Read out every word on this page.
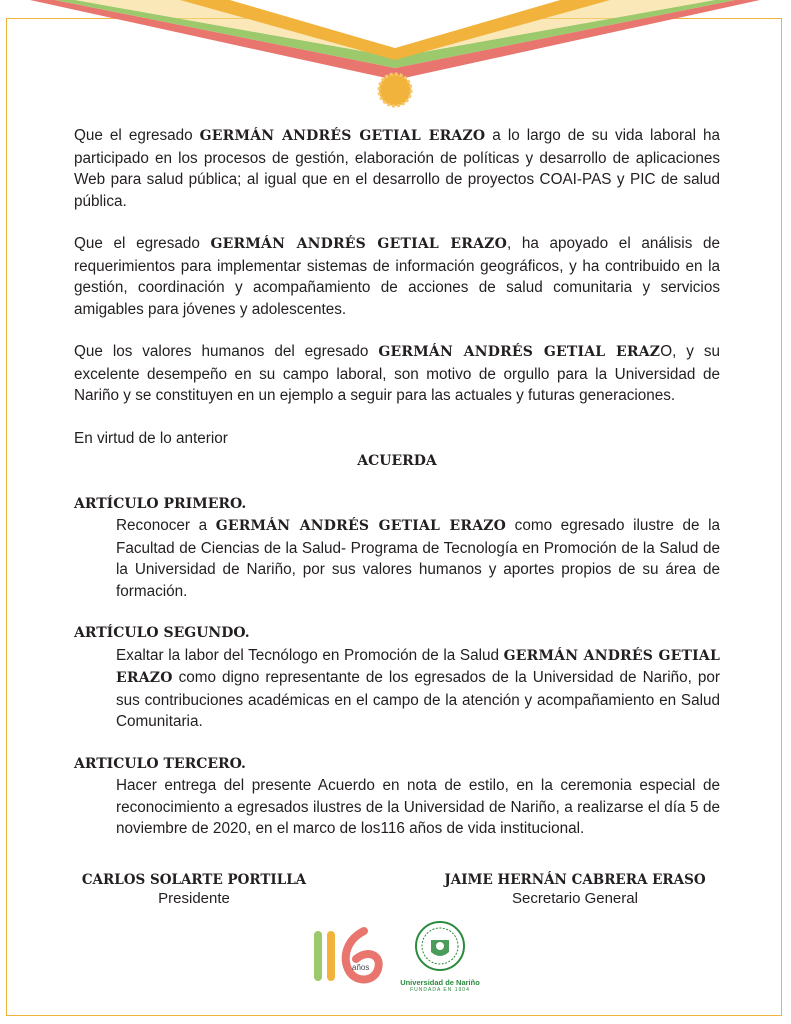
Que el egresado GERMÁN ANDRÉS GETIAL ERAZO a lo largo de su vida laboral ha participado en los procesos de gestión, elaboración de políticas y desarrollo de aplicaciones Web para salud pública; al igual que en el desarrollo de proyectos COAI-PAS y PIC de salud pública.

Que el egresado GERMÁN ANDRÉS GETIAL ERAZO, ha apoyado el análisis de requerimientos para implementar sistemas de información geográficos, y ha contribuido en la gestión, coordinación y acompañamiento de acciones de salud comunitaria y servicios amigables para jóvenes y adolescentes.

Que los valores humanos del egresado GERMÁN ANDRÉS GETIAL ERAZO, y su excelente desempeño en su campo laboral, son motivo de orgullo para la Universidad de Nariño y se constituyen en un ejemplo a seguir para las actuales y futuras generaciones.

En virtud de lo anterior

ACUERDA

ARTÍCULO PRIMERO.

Reconocer a GERMÁN ANDRÉS GETIAL ERAZO como egresado ilustre de la Facultad de Ciencias de la Salud- Programa de Tecnología en Promoción de la Salud de la Universidad de Nariño, por sus valores humanos y aportes propios de su área de formación.

ARTÍCULO SEGUNDO.

Exaltar la labor del Tecnólogo en Promoción de la Salud GERMÁN ANDRÉS GETIAL ERAZO como digno representante de los egresados de la Universidad de Nariño, por sus contribuciones académicas en el campo de la atención y acompañamiento en Salud Comunitaria.

ARTICULO TERCERO.

Hacer entrega del presente Acuerdo en nota de estilo, en la ceremonia especial de reconocimiento a egresados ilustres de la Universidad de Nariño, a realizarse el día 5 de noviembre de 2020, en el marco de los116 años de vida institucional.

CARLOS SOLARTE PORTILLA
Presidente
JAIME HERNÁN CABRERA ERASO
Secretario General
años
Universidad de Nariño
FUNDADA EN 1904
